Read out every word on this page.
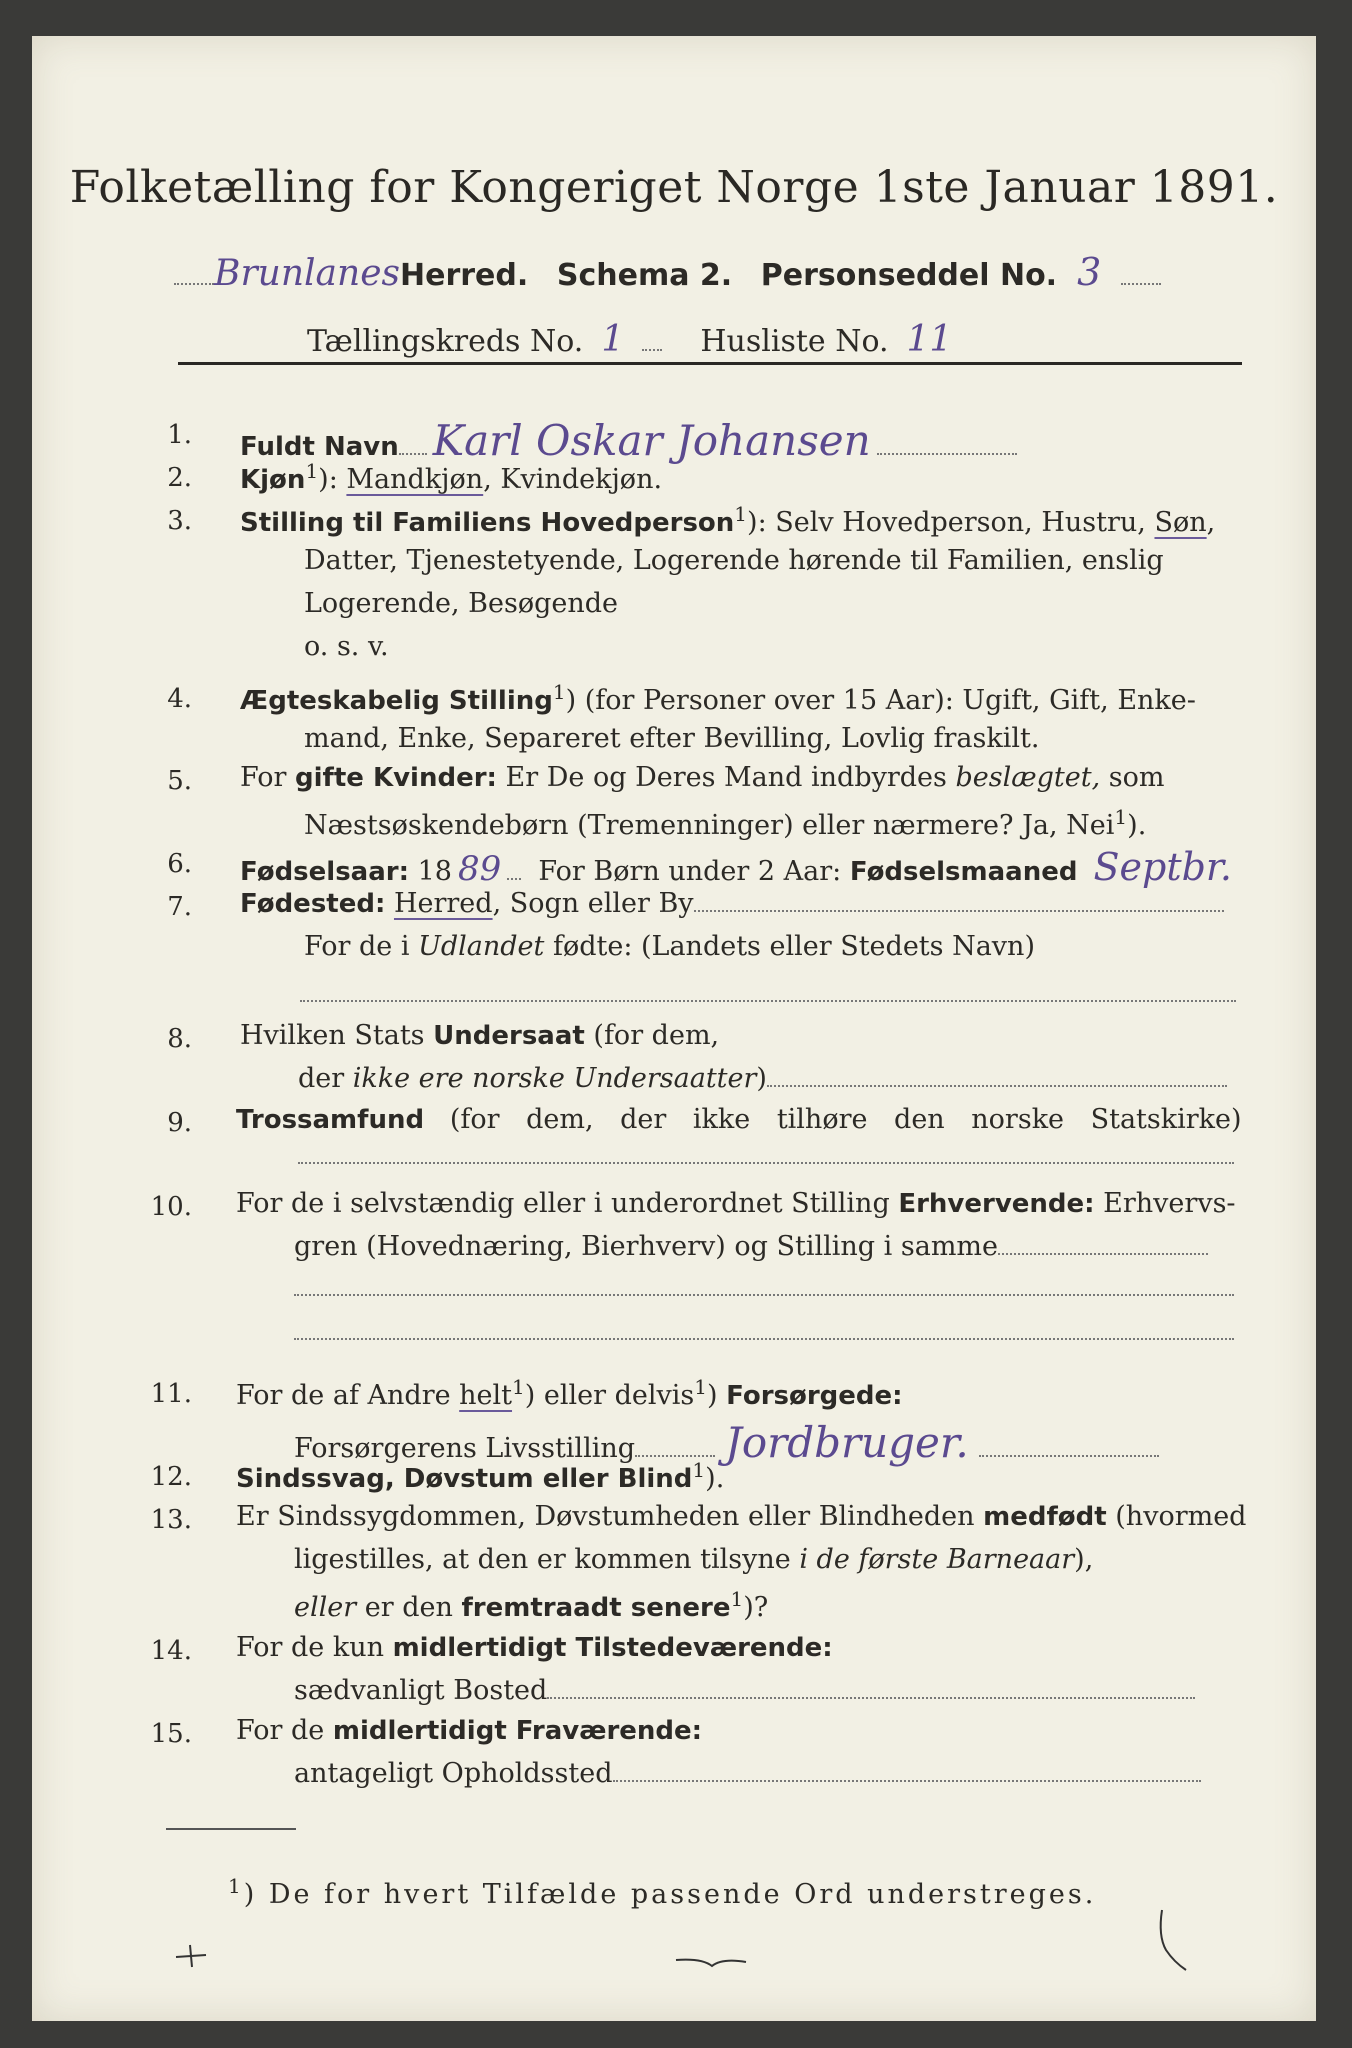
Folketælling for Kongeriget Norge 1ste Januar 1891.
BrunlanesHerred. Schema 2. Personseddel No. 3
Tællingskreds No. 1	Husliste No. 11
1. Fuldt Navn Karl Oskar Johansen
2. Kjøn$^1$): Mandkjøn, Kvindekjøn.
3. Stilling til Familiens Hovedperson$^1$): Selv Hovedperson, Hustru, Søn,
Datter, Tjenestetyende, Logerende hørende til Familien, enslig
Logerende, Besøgende
o. s. v.
4. Ægteskabelig Stilling$^1$) (for Personer over 15 Aar): Ugift, Gift, Enke-
mand, Enke, Separeret efter Bevilling, Lovlig fraskilt.
5. For gifte Kvinder: Er De og Deres Mand indbyrdes beslægtet, som
Næstsøskendebørn (Tremenninger) eller nærmere? Ja, Nei$^1$).
6. Fødselsaar: 18 89 For Børn under 2 Aar: Fødselsmaaned Septbr.
7. Fødested: Herred, Sogn eller By
For de i Udlandet fødte: (Landets eller Stedets Navn)
8. Hvilken Stats Undersaat (for dem,
der ikke ere norske Undersaatter)
9. Trossamfund (for dem, der ikke tilhøre den norske Statskirke)
10. For de i selvstændig eller i underordnet Stilling Erhvervende: Erhvervs-
gren (Hovednæring, Bierhverv) og Stilling i samme
11. For de af Andre helt$^1$) eller delvis$^1$) Forsørgede:
Forsørgerens Livsstilling Jordbruger.
12. Sindssvag, Døvstum eller Blind$^1$).
13. Er Sindssygdommen, Døvstumheden eller Blindheden medfødt (hvormed
ligestilles, at den er kommen tilsyne i de første Barneaar),
eller er den fremtraadt senere$^1$)?
14. For de kun midlertidigt Tilstedeværende:
sædvanligt Bosted
15. For de midlertidigt Fraværende:
antageligt Opholdssted
$^1$) De for hvert Tilfælde passende Ord understreges.
